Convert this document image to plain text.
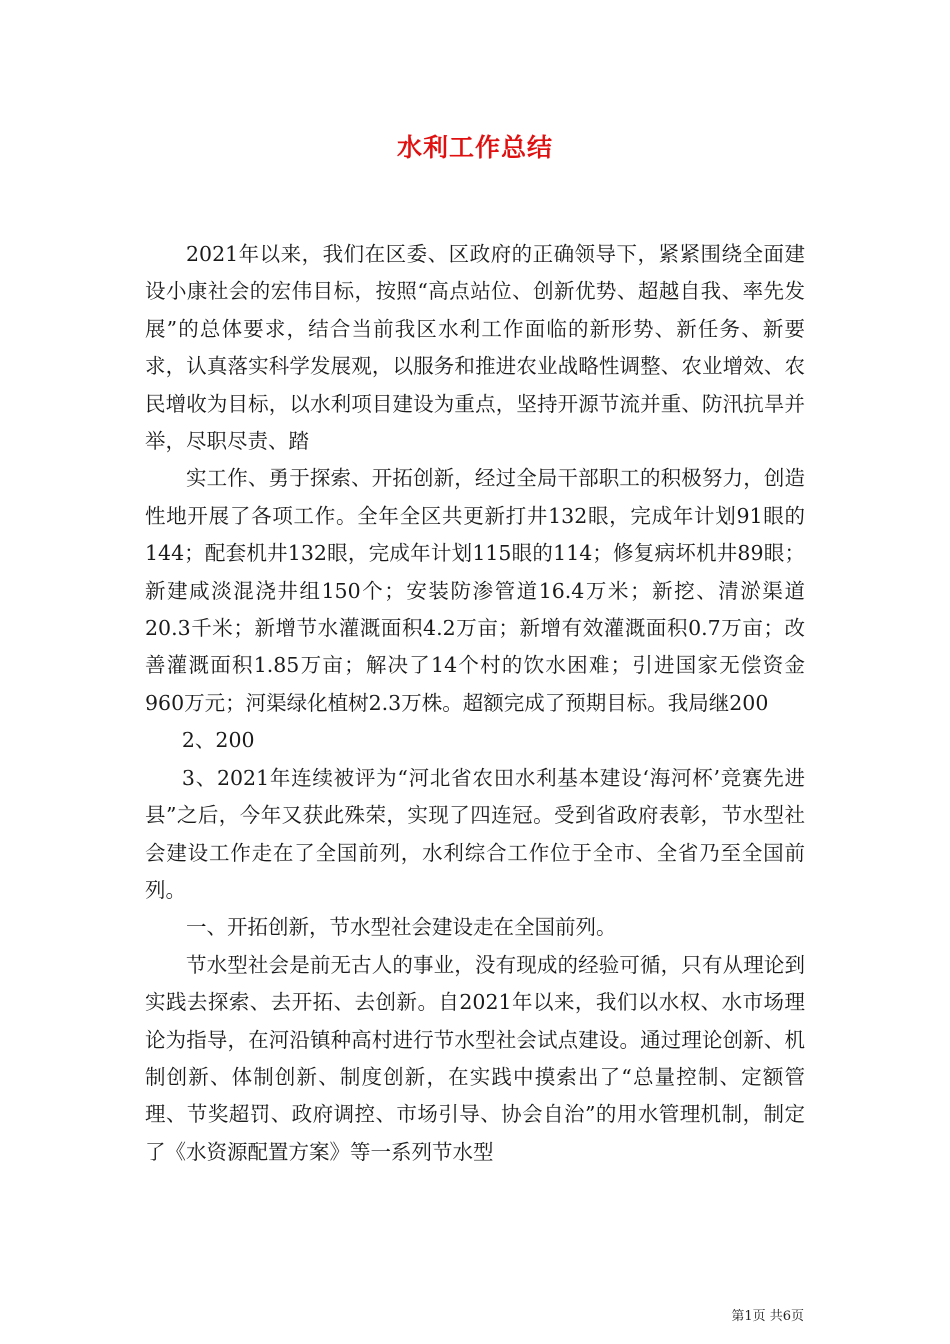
水利工作总结

2021年以来，我们在区委、区政府的正确领导下，紧紧围绕全面建设小康社会的宏伟目标，按照“高点站位、创新优势、超越自我、率先发展”的总体要求，结合当前我区水利工作面临的新形势、新任务、新要求，认真落实科学发展观，以服务和推进农业战略性调整、农业增效、农民增收为目标，以水利项目建设为重点，坚持开源节流并重、防汛抗旱并举，尽职尽责、踏

实工作、勇于探索、开拓创新，经过全局干部职工的积极努力，创造性地开展了各项工作。全年全区共更新打井132眼，完成年计划91眼的144；配套机井132眼，完成年计划115眼的114；修复病坏机井89眼；新建咸淡混浇井组150个；安装防渗管道16.4万米；新挖、清淤渠道20.3千米；新增节水灌溉面积4.2万亩；新增有效灌溉面积0.7万亩；改善灌溉面积1.85万亩；解决了14个村的饮水困难；引进国家无偿资金960万元；河渠绿化植树2.3万株。超额完成了预期目标。我局继200

2、200

3、2021年连续被评为“河北省农田水利基本建设‘海河杯’竞赛先进县”之后，今年又获此殊荣，实现了四连冠。受到省政府表彰，节水型社会建设工作走在了全国前列，水利综合工作位于全市、全省乃至全国前列。

一、开拓创新，节水型社会建设走在全国前列。

节水型社会是前无古人的事业，没有现成的经验可循，只有从理论到实践去探索、去开拓、去创新。自2021年以来，我们以水权、水市场理论为指导，在河沿镇种高村进行节水型社会试点建设。通过理论创新、机制创新、体制创新、制度创新，在实践中摸索出了“总量控制、定额管理、节奖超罚、政府调控、市场引导、协会自治”的用水管理机制，制定了《水资源配置方案》等一系列节水型

第1页 共6页
